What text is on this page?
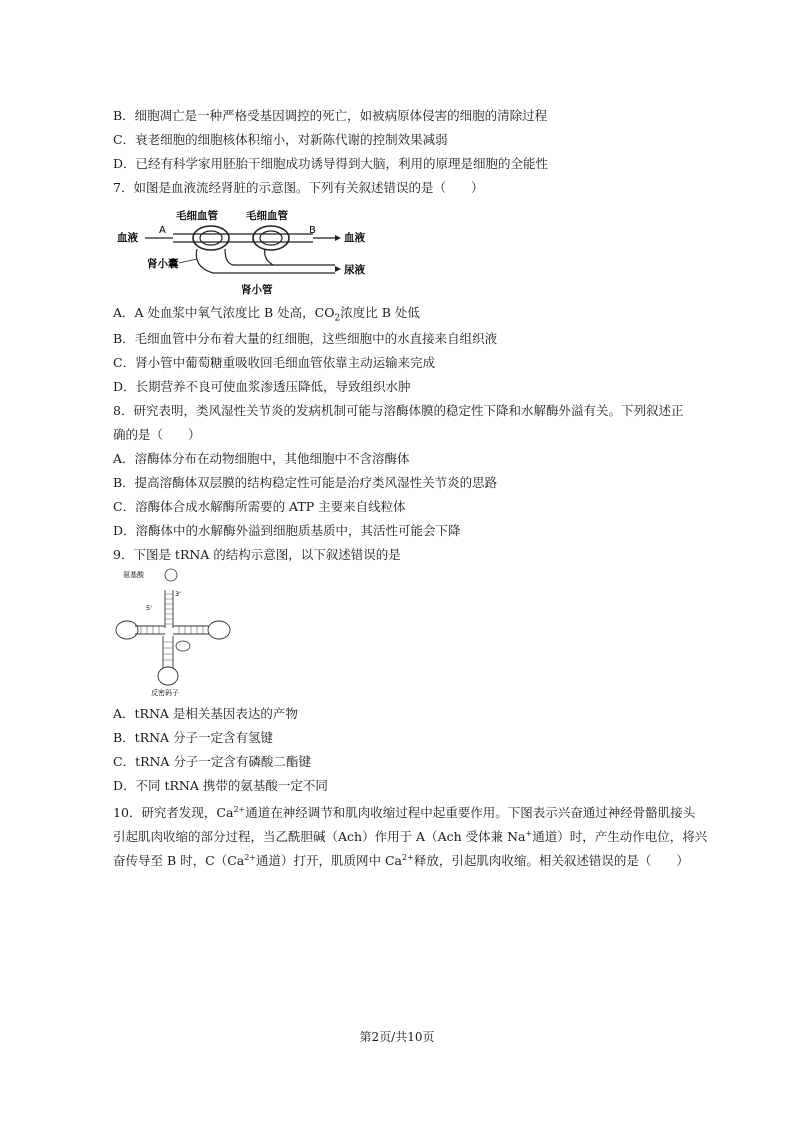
B．细胞凋亡是一种严格受基因调控的死亡，如被病原体侵害的细胞的清除过程
C．衰老细胞的细胞核体积缩小，对新陈代谢的控制效果减弱
D．已经有科学家用胚胎干细胞成功诱导得到大脑，利用的原理是细胞的全能性
7．如图是血液流经肾脏的示意图。下列有关叙述错误的是（　　）
毛细血管	毛细血管
血液
A	B
血液
肾小囊	尿液
肾小管
A．A 处血浆中氧气浓度比 B 处高，$CO_2$浓度比 B 处低
B．毛细血管中分布着大量的红细胞，这些细胞中的水直接来自组织液
C．肾小管中葡萄糖重吸收回毛细血管依靠主动运输来完成
D．长期营养不良可使血浆渗透压降低，导致组织水肿
8．研究表明，类风湿性关节炎的发病机制可能与溶酶体膜的稳定性下降和水解酶外溢有关。下列叙述正
确的是（　　）
A．溶酶体分布在动物细胞中，其他细胞中不含溶酶体
B．提高溶酶体双层膜的结构稳定性可能是治疗类风湿性关节炎的思路
C．溶酶体合成水解酶所需要的 ATP 主要来自线粒体
D．溶酶体中的水解酶外溢到细胞质基质中，其活性可能会下降
9．下图是 tRNA 的结构示意图，以下叙述错误的是
氨基酸
3'
5'
反密码子
A．tRNA 是相关基因表达的产物
B．tRNA 分子一定含有氢键
C．tRNA 分子一定含有磷酸二酯键
D．不同 tRNA 携带的氨基酸一定不同
10．研究者发现，$Ca^{2+}$通道在神经调节和肌肉收缩过程中起重要作用。下图表示兴奋通过神经骨骼肌接头
引起肌肉收缩的部分过程，当乙酰胆碱（Ach）作用于 A（Ach 受体兼 Na+通道）时，产生动作电位，将兴
奋传导至 B 时，$C(Ca^{2+}$通道）打开，肌质网中 $Ca^{2+}$释放，引起肌肉收缩。相关叙述错误的是（　　）
第2页/共10页
